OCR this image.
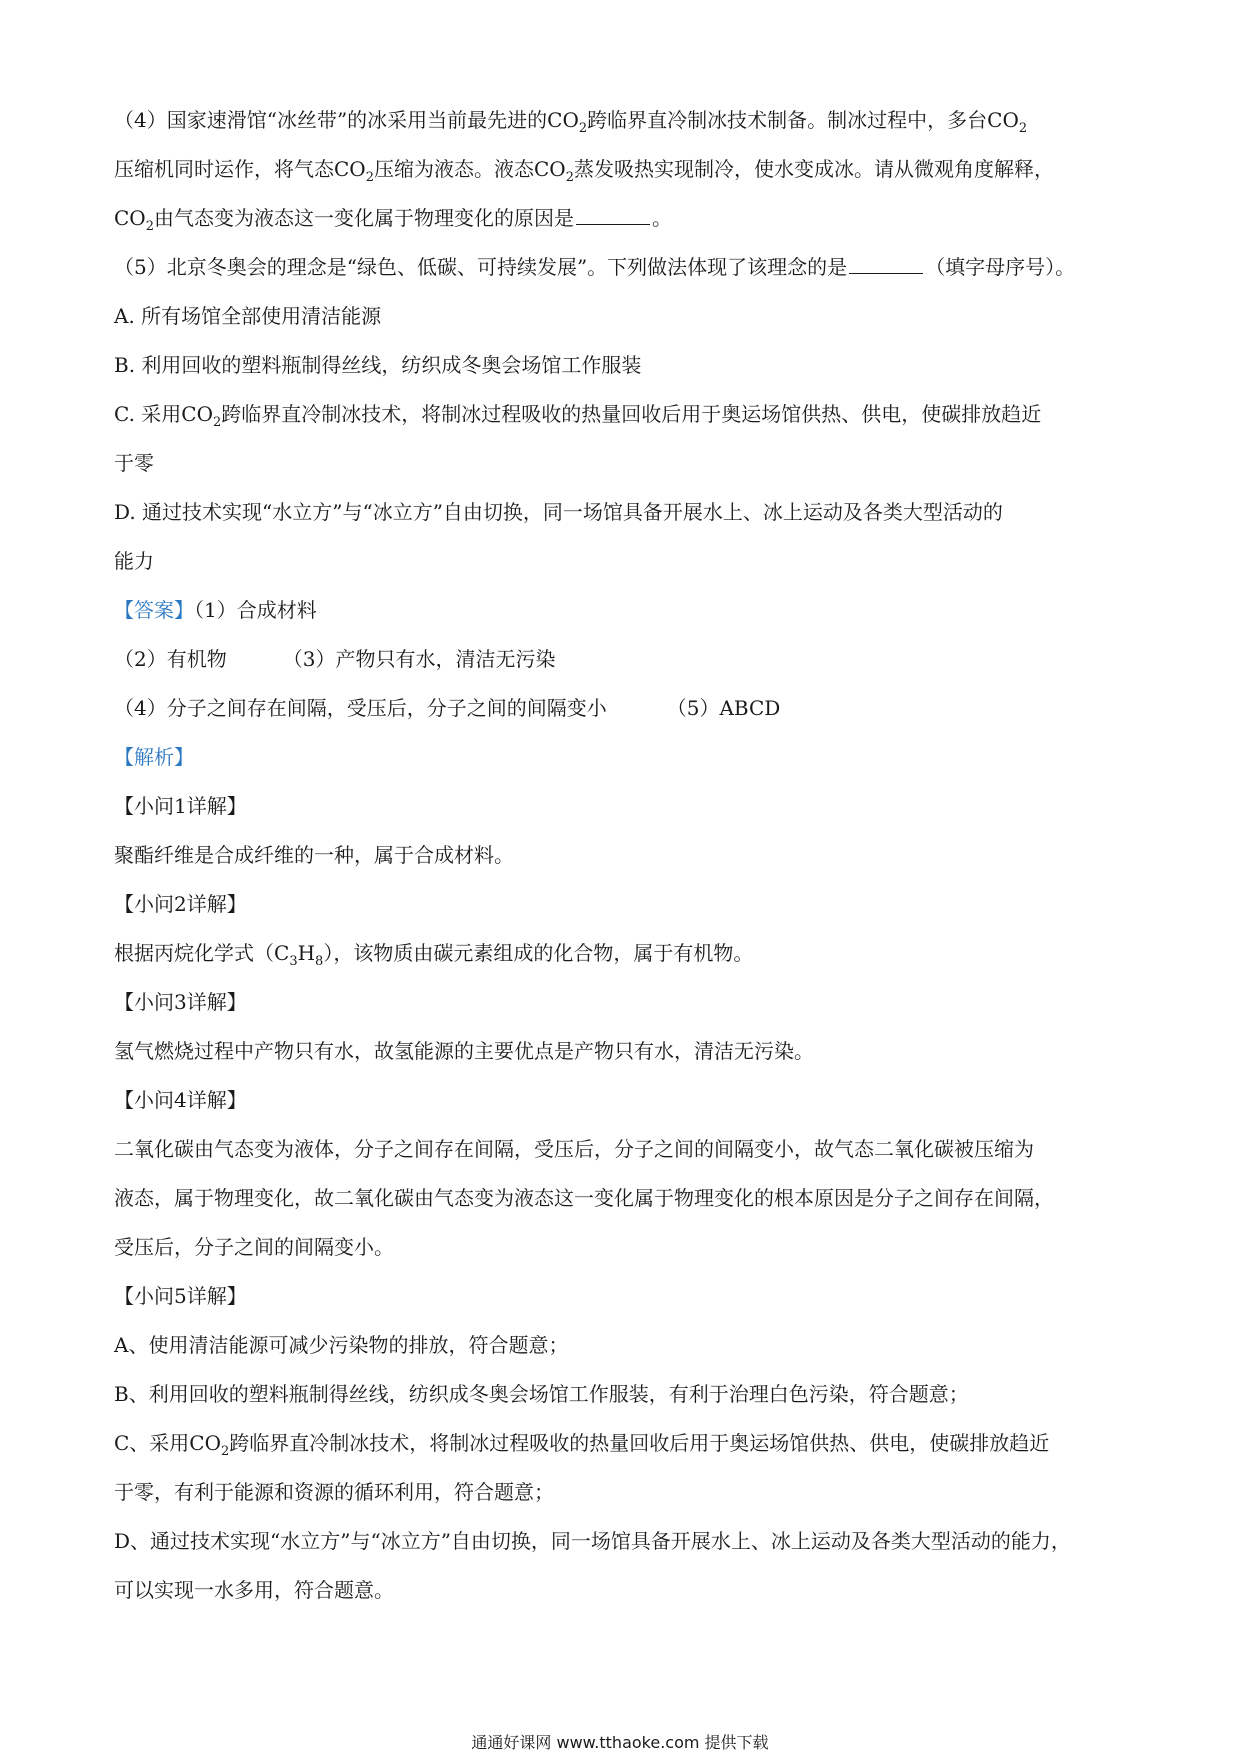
（4）国家速滑馆“冰丝带”的冰采用当前最先进的$CO_2$跨临界直冷制冰技术制备。制冰过程中，多台$CO_2$
压缩机同时运作，将气态$CO_2$压缩为液态。液态$CO_2$蒸发吸热实现制冷，使水变成冰。请从微观角度解释，
$CO_2$由气态变为液态这一变化属于物理变化的原因是	。
（5）北京冬奥会的理念是“绿色、低碳、可持续发展”。下列做法体现了该理念的是	（填字母序号）。
A. 所有场馆全部使用清洁能源
B. 利用回收的塑料瓶制得丝线，纺织成冬奥会场馆工作服装
C. 采用$CO_2$跨临界直冷制冰技术，将制冰过程吸收的热量回收后用于奥运场馆供热、供电，使碳排放趋近
于零
D. 通过技术实现“水立方”与“冰立方”自由切换，同一场馆具备开展水上、冰上运动及各类大型活动的
能力
【答案】（1）合成材料
（2）有机物	（3）产物只有水，清洁无污染
（4）分子之间存在间隔，受压后，分子之间的间隔变小	（5）ABCD
【解析】
【小问1详解】
聚酯纤维是合成纤维的一种，属于合成材料。
【小问2详解】
根据丙烷化学式$(C_3H_8)$，该物质由碳元素组成的化合物，属于有机物。
【小问3详解】
氢气燃烧过程中产物只有水，故氢能源的主要优点是产物只有水，清洁无污染。
【小问4详解】
二氧化碳由气态变为液体，分子之间存在间隔，受压后，分子之间的间隔变小，故气态二氧化碳被压缩为
液态，属于物理变化，故二氧化碳由气态变为液态这一变化属于物理变化的根本原因是分子之间存在间隔，
受压后，分子之间的间隔变小。
【小问5详解】
A、使用清洁能源可减少污染物的排放，符合题意；
B、利用回收的塑料瓶制得丝线，纺织成冬奥会场馆工作服装，有利于治理白色污染，符合题意；
C、采用$CO_2$跨临界直冷制冰技术，将制冰过程吸收的热量回收后用于奥运场馆供热、供电，使碳排放趋近
于零，有利于能源和资源的循环利用，符合题意；
D、通过技术实现“水立方”与“冰立方”自由切换，同一场馆具备开展水上、冰上运动及各类大型活动的能力，
可以实现一水多用，符合题意。
通通好课网 www.tthaoke.com 提供下载
